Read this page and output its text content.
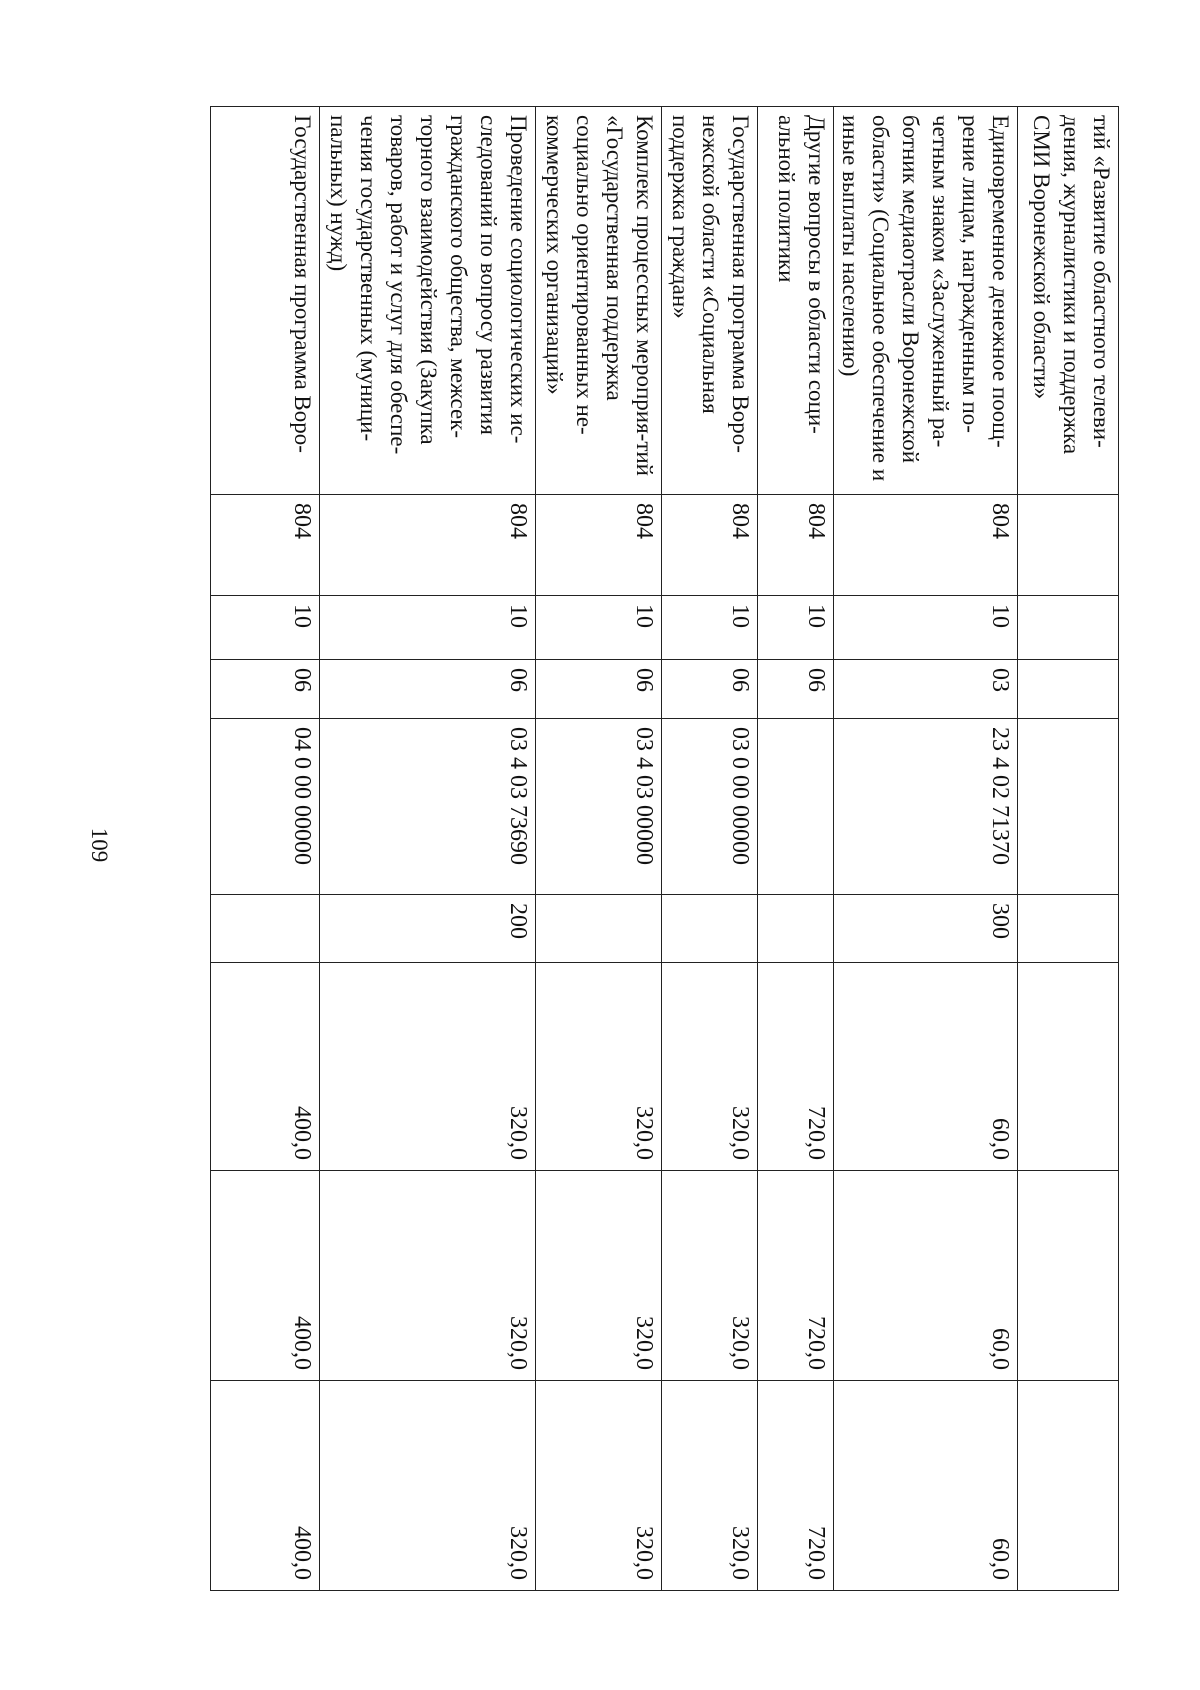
109
тий «Развитие областного телеви-дения, журналистики и поддержка СМИ Воронежской области»								
Единовременное денежное поощ-рение лицам, награжденным по-четным знаком «Заслуженный ра-ботник медиаотрасли Воронежской области» (Социальное обеспечение и иные выплаты населению)	804	10	03	23 4 02 71370	300	60,0	60,0	60,0
Другие вопросы в области соци-альной политики	804	10	06			720,0	720,0	720,0
Государственная программа Воро-нежской области «Социальная поддержка граждан»	804	10	06	03 0 00 00000		320,0	320,0	320,0
Комплекс процессных мероприя-тий «Государственная поддержка социально ориентированных не-коммерческих организаций»	804	10	06	03 4 03 00000		320,0	320,0	320,0
Проведение социологических ис-следований по вопросу развития гражданского общества, межсек-торного взаимодействия (Закупка товаров, работ и услуг для обеспе-чения государственных (муници-пальных) нужд)	804	10	06	03 4 03 73690	200	320,0	320,0	320,0
Государственная программа Воро-	804	10	06	04 0 00 00000		400,0	400,0	400,0
